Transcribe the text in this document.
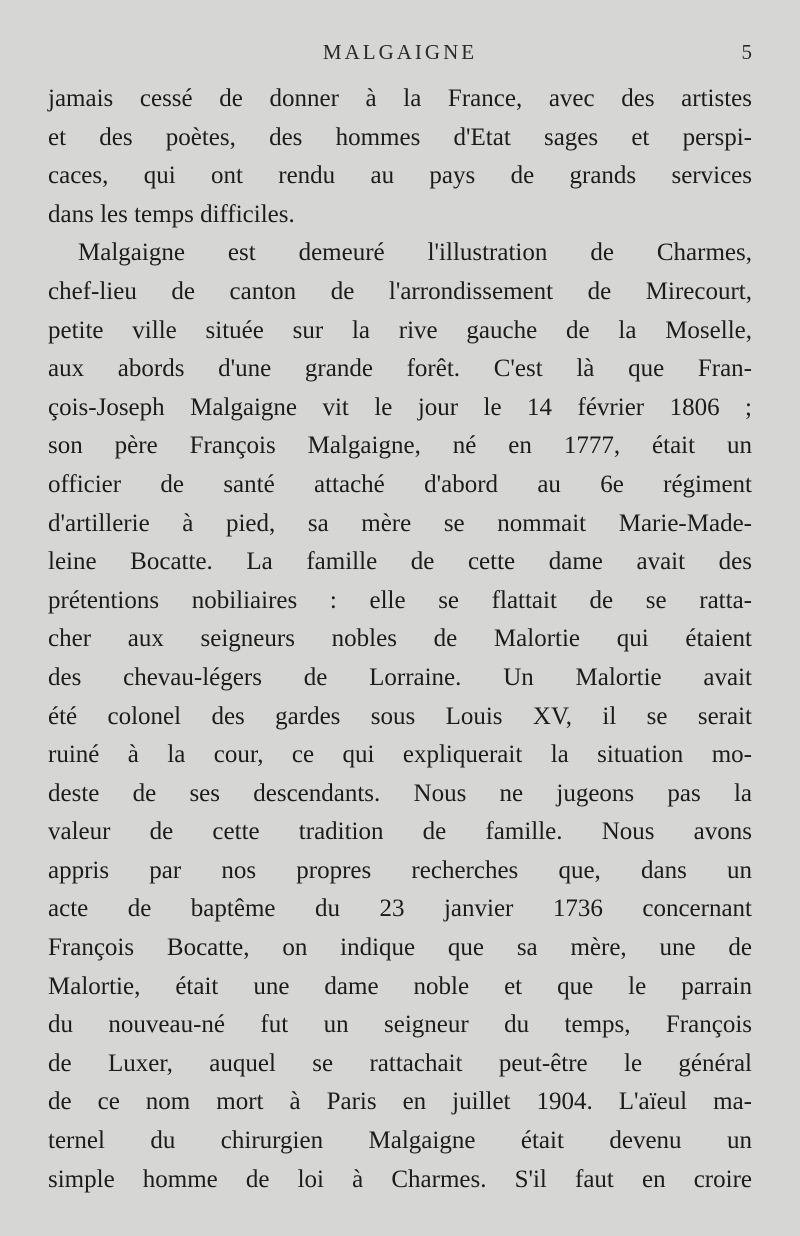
MALGAIGNE	5
jamais cessé de donner à la France, avec des artistes
et des poètes, des hommes d'Etat sages et perspi-
caces, qui ont rendu au pays de grands services
dans les temps difficiles.
Malgaigne est demeuré l'illustration de Charmes,
chef-lieu de canton de l'arrondissement de Mirecourt,
petite ville située sur la rive gauche de la Moselle,
aux abords d'une grande forêt. C'est là que Fran-
çois-Joseph Malgaigne vit le jour le 14 février 1806 ;
son père François Malgaigne, né en 1777, était un
officier de santé attaché d'abord au 6e régiment
d'artillerie à pied, sa mère se nommait Marie-Made-
leine Bocatte. La famille de cette dame avait des
prétentions nobiliaires : elle se flattait de se ratta-
cher aux seigneurs nobles de Malortie qui étaient
des chevau-légers de Lorraine. Un Malortie avait
été colonel des gardes sous Louis XV, il se serait
ruiné à la cour, ce qui expliquerait la situation mo-
deste de ses descendants. Nous ne jugeons pas la
valeur de cette tradition de famille. Nous avons
appris par nos propres recherches que, dans un
acte de baptême du 23 janvier 1736 concernant
François Bocatte, on indique que sa mère, une de
Malortie, était une dame noble et que le parrain
du nouveau-né fut un seigneur du temps, François
de Luxer, auquel se rattachait peut-être le général
de ce nom mort à Paris en juillet 1904. L'aïeul ma-
ternel du chirurgien Malgaigne était devenu un
simple homme de loi à Charmes. S'il faut en croire
